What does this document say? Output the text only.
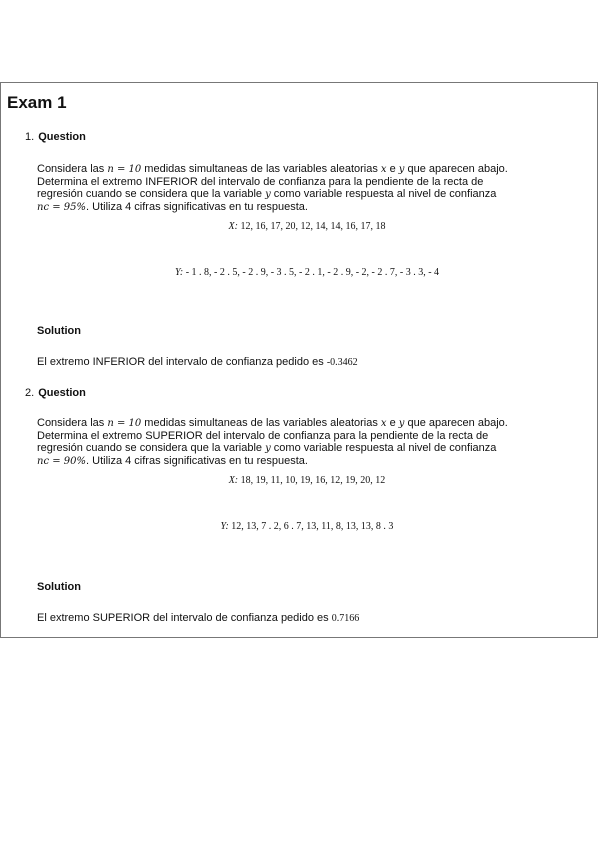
Exam 1
1. Question

Considera las n = 10 medidas simultaneas de las variables aleatorias x e y que aparecen abajo.
Determina el extremo INFERIOR del intervalo de confianza para la pendiente de la recta de
regresión cuando se considera que la variable y como variable respuesta al nivel de confianza
nc = 95%. Utiliza 4 cifras significativas en tu respuesta.

X: 12, 16, 17, 20, 12, 14, 14, 16, 17, 18
Y: - 1 . 8, - 2 . 5, - 2 . 9, - 3 . 5, - 2 . 1, - 2 . 9, - 2, - 2 . 7, - 3 . 3, - 4
Solution
El extremo INFERIOR del intervalo de confianza pedido es -0.3462
2. Question

Considera las n = 10 medidas simultaneas de las variables aleatorias x e y que aparecen abajo.
Determina el extremo SUPERIOR del intervalo de confianza para la pendiente de la recta de
regresión cuando se considera que la variable y como variable respuesta al nivel de confianza
nc = 90%. Utiliza 4 cifras significativas en tu respuesta.

X: 18, 19, 11, 10, 19, 16, 12, 19, 20, 12
Y: 12, 13, 7 . 2, 6 . 7, 13, 11, 8, 13, 13, 8 . 3
Solution
El extremo SUPERIOR del intervalo de confianza pedido es 0.7166
